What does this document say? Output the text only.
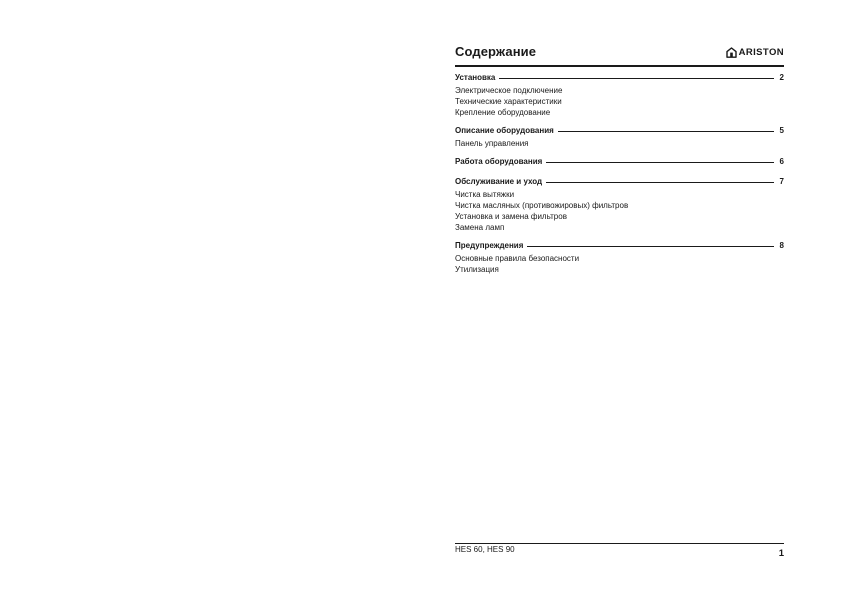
Содержание	ARISTON
Установка	2
Электрическое подключение
Технические характеристики
Крепление оборудование
Описание оборудования	5
Панель управления
Работа оборудования	6
Обслуживание и уход	7
Чистка вытяжки
Чистка масляных (противожировых) фильтров
Установка и замена фильтров
Замена ламп
Предупреждения	8
Основные правила безопасности
Утилизация
HES 60, HES 90	1
